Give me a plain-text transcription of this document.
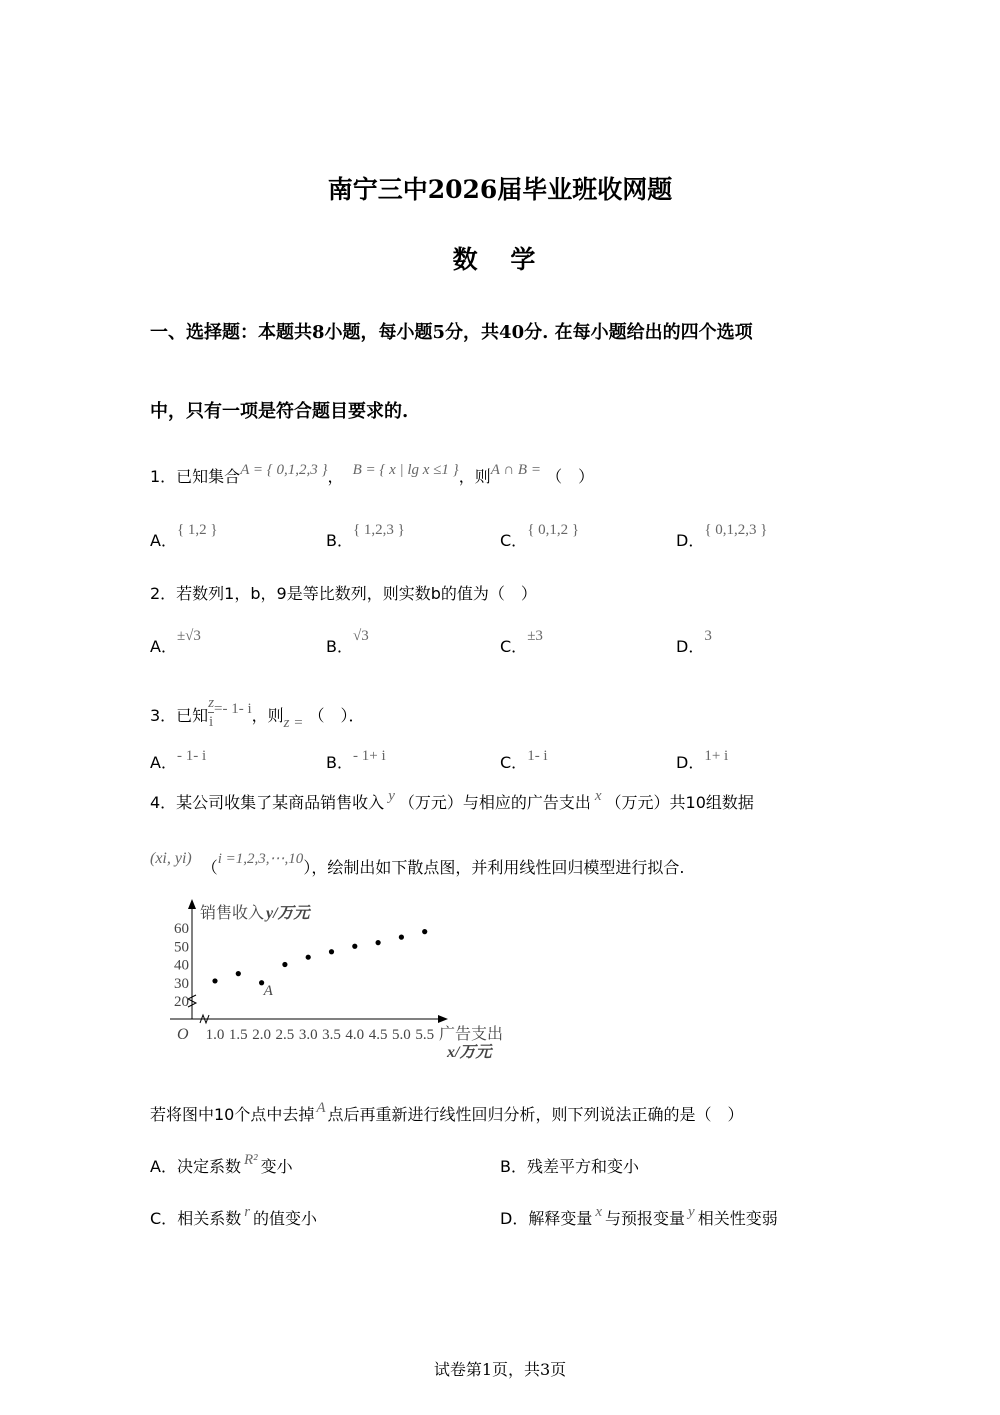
南宁三中2026届毕业班收网题
数 学
一、选择题：本题共8小题，每小题5分，共40分. 在每小题给出的四个选项
中，只有一项是符合题目要求的.
1．已知集合A = { 0,1,2,3 }， B = { x | lg x ≤1 }，则A ∩ B = （　）
A．{ 1,2 }
B．{ 1,2,3 }
C．{ 0,1,2 }
D．{ 0,1,2,3 }
2．若数列1，b，9是等比数列，则实数b的值为（　）
A．±√3
B．√3
C．±3
D．3
3．已知 $\frac{z}{i} =- 1-$ i，则z = （　）．
A．- 1- i	B．- 1+ i	C．1- i	D．1+ i
4．某公司收集了某商品销售收入 y （万元）与相应的广告支出 x （万元）共10组数据
(xi, yi) （i =1,2,3,⋯,10），绘制出如下散点图，并利用线性回归模型进行拟合.
销售收入 y/万元
广告支出
x/万元
O
20
30
40
50
60
1.0 1.5 2.0 2.5 3.0 3.5 4.0 4.5 5.0 5.5
A
若将图中10个点中去掉 A 点后再重新进行线性回归分析，则下列说法正确的是（　）
A．决定系数 R² 变小	B．残差平方和变小
C．相关系数 r 的值变小	D．解释变量 x 与预报变量 y 相关性变弱
试卷第1页，共3页
